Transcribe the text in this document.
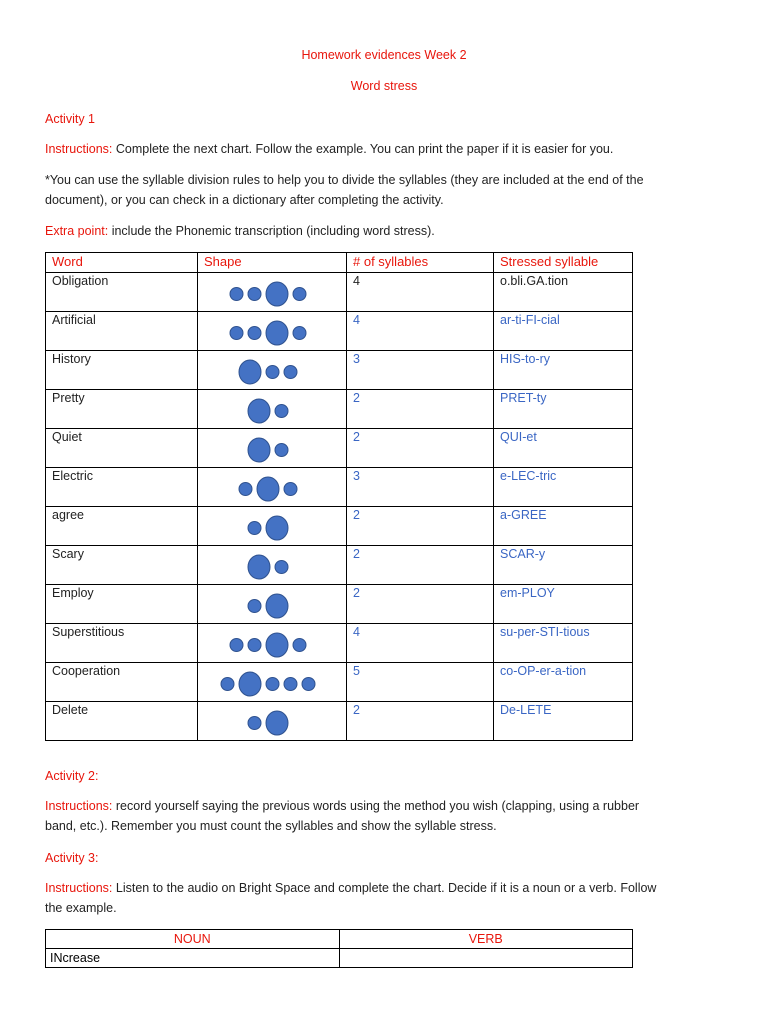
Homework evidences Week 2
Word stress
Activity 1
Instructions: Complete the next chart. Follow the example. You can print the paper if it is easier for you.
*You can use the syllable division rules to help you to divide the syllables (they are included at the end of the
document), or you can check in a dictionary after completing the activity.
Extra point: include the Phonemic transcription (including word stress).
Word	Shape	# of syllables	Stressed syllable
Obligation		4	o.bli.GA.tion
Artificial		4	ar-ti-FI-cial
History		3	HIS-to-ry
Pretty		2	PRET-ty
Quiet		2	QUI-et
Electric		3	e-LEC-tric
agree		2	a-GREE
Scary		2	SCAR-y
Employ		2	em-PLOY
Superstitious		4	su-per-STI-tious
Cooperation		5	co-OP-er-a-tion
Delete		2	De-LETE
Activity 2:
Instructions: record yourself saying the previous words using the method you wish (clapping, using a rubber
band, etc.). Remember you must count the syllables and show the syllable stress.
Activity 3:
Instructions: Listen to the audio on Bright Space and complete the chart. Decide if it is a noun or a verb. Follow
the example.
NOUN	VERB
INcrease	
